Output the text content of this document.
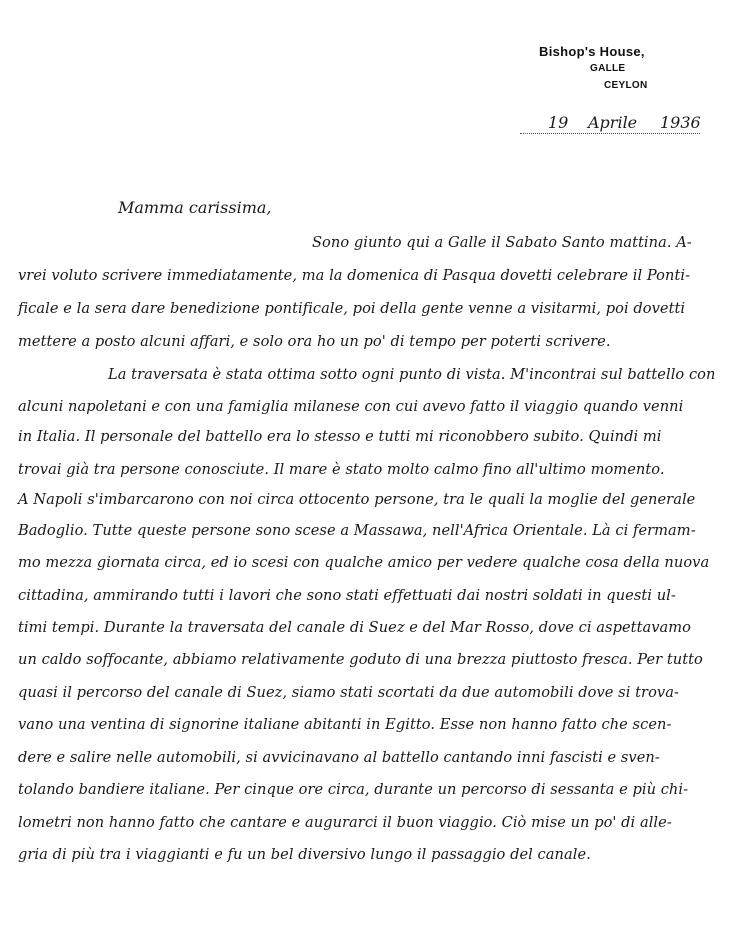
Bishop's House,
GALLE
CEYLON
19 Aprile 1936
Mamma carissima,
Sono giunto qui a Galle il Sabato Santo mattina. A-
vrei voluto scrivere immediatamente, ma la domenica di Pasqua dovetti celebrare il Ponti-
ficale e la sera dare benedizione pontificale, poi della gente venne a visitarmi, poi dovetti
mettere a posto alcuni affari, e solo ora ho un po' di tempo per poterti scrivere.
La traversata è stata ottima sotto ogni punto di vista. M'incontrai sul battello con
alcuni napoletani e con una famiglia milanese con cui avevo fatto il viaggio quando venni
in Italia. Il personale del battello era lo stesso e tutti mi riconobbero subito. Quindi mi
trovai già tra persone conosciute. Il mare è stato molto calmo fino all'ultimo momento.
A Napoli s'imbarcarono con noi circa ottocento persone, tra le quali la moglie del generale
Badoglio. Tutte queste persone sono scese a Massawa, nell'Africa Orientale. Là ci fermam-
mo mezza giornata circa, ed io scesi con qualche amico per vedere qualche cosa della nuova
cittadina, ammirando tutti i lavori che sono stati effettuati dai nostri soldati in questi ul-
timi tempi. Durante la traversata del canale di Suez e del Mar Rosso, dove ci aspettavamo
un caldo soffocante, abbiamo relativamente goduto di una brezza piuttosto fresca. Per tutto
quasi il percorso del canale di Suez, siamo stati scortati da due automobili dove si trova-
vano una ventina di signorine italiane abitanti in Egitto. Esse non hanno fatto che scen-
dere e salire nelle automobili, si avvicinavano al battello cantando inni fascisti e sven-
tolando bandiere italiane. Per cinque ore circa, durante un percorso di sessanta e più chi-
lometri non hanno fatto che cantare e augurarci il buon viaggio. Ciò mise un po' di alle-
gria di più tra i viaggianti e fu un bel diversivo lungo il passaggio del canale.
